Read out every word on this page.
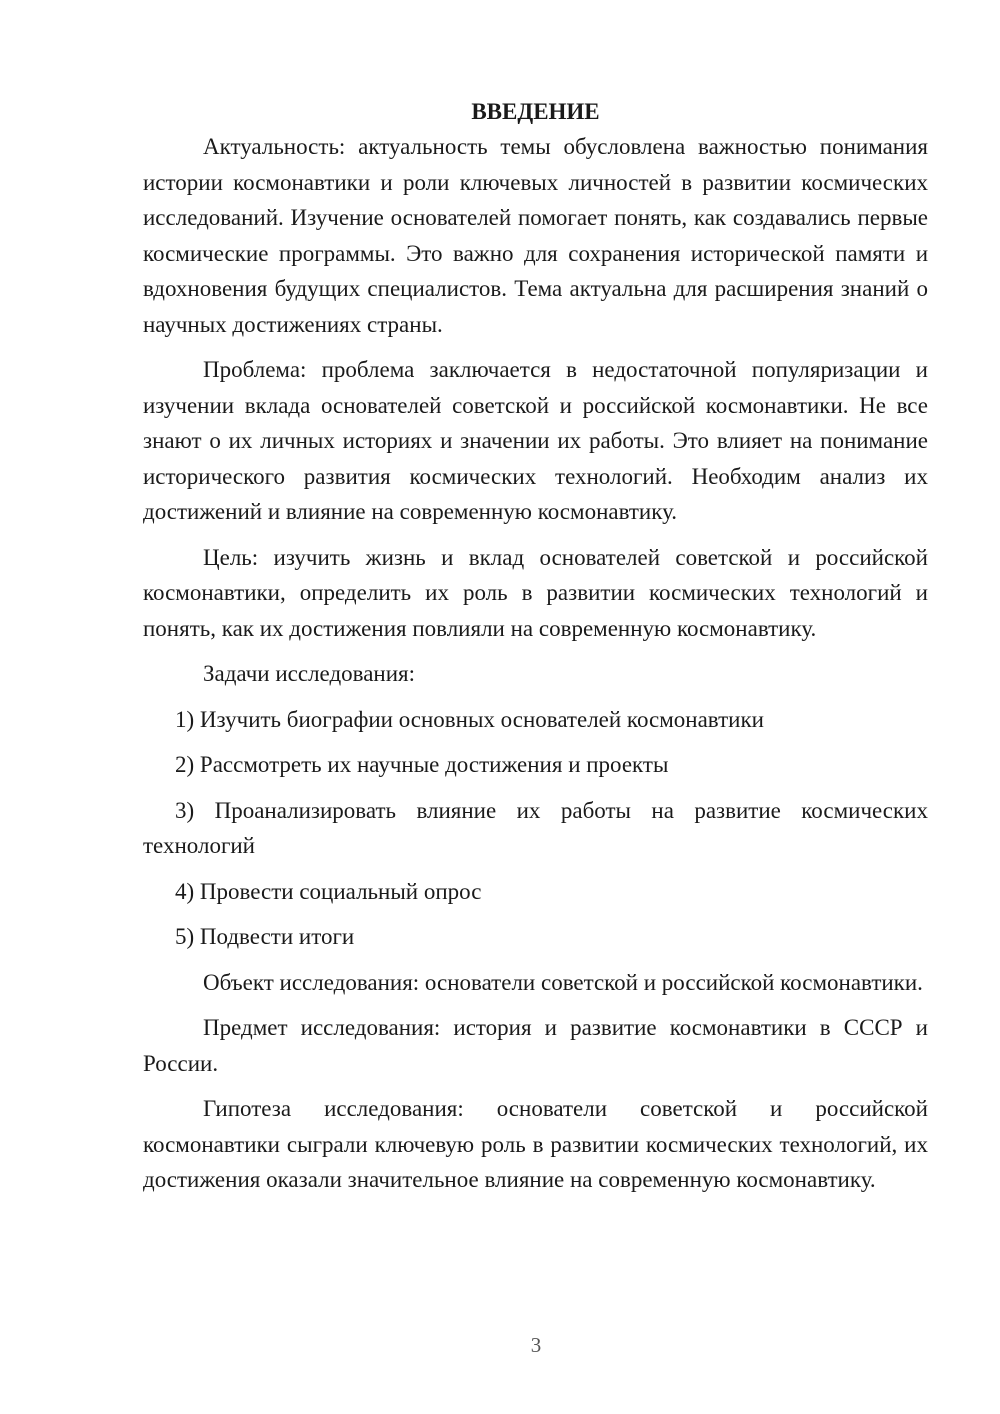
ВВЕДЕНИЕ

Актуальность: актуальность темы обусловлена важностью понимания истории космонавтики и роли ключевых личностей в развитии космических исследований. Изучение основателей помогает понять, как создавались первые космические программы. Это важно для сохранения исторической памяти и вдохновения будущих специалистов. Тема актуальна для расширения знаний о научных достижениях страны.

Проблема: проблема заключается в недостаточной популяризации и изучении вклада основателей советской и российской космонавтики. Не все знают о их личных историях и значении их работы. Это влияет на понимание исторического развития космических технологий. Необходим анализ их достижений и влияние на современную космонавтику.

Цель: изучить жизнь и вклад основателей советской и российской космонавтики, определить их роль в развитии космических технологий и понять, как их достижения повлияли на современную космонавтику.

Задачи исследования:

1) Изучить биографии основных основателей космонавтики

2) Рассмотреть их научные достижения и проекты

3) Проанализировать влияние их работы на развитие космических технологий

4) Провести социальный опрос

5) Подвести итоги

Объект исследования: основатели советской и российской космонавтики.

Предмет исследования: история и развитие космонавтики в СССР и России.

Гипотеза исследования: основатели советской и российской космонавтики сыграли ключевую роль в развитии космических технологий, их достижения оказали значительное влияние на современную космонавтику.

3
